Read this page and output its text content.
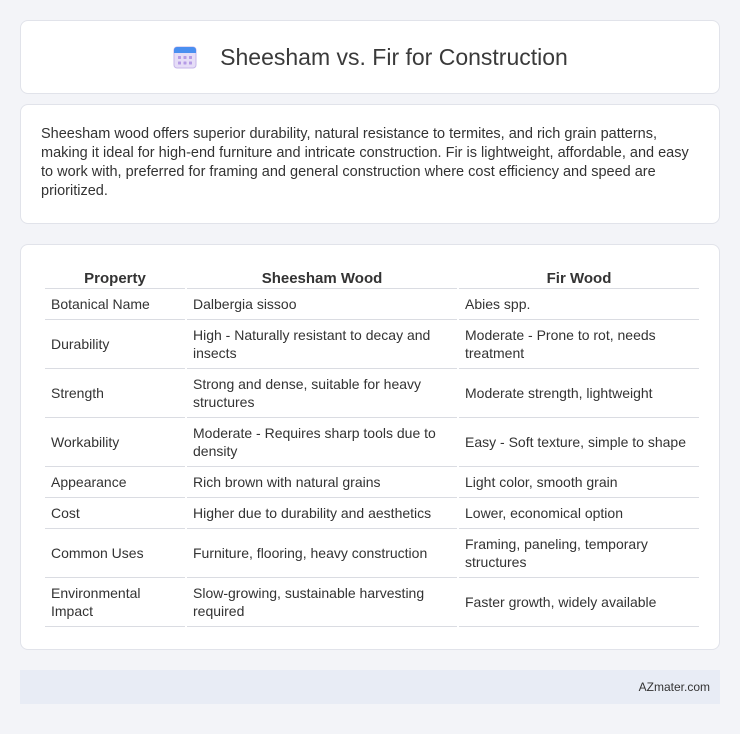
Sheesham vs. Fir for Construction

Sheesham wood offers superior durability, natural resistance to termites, and rich grain patterns, making it ideal for high-end furniture and intricate construction. Fir is lightweight, affordable, and easy to work with, preferred for framing and general construction where cost efficiency and speed are prioritized.

Property	Sheesham Wood	Fir Wood
Botanical Name	Dalbergia sissoo	Abies spp.
Durability	High - Naturally resistant to decay and insects	Moderate - Prone to rot, needs treatment
Strength	Strong and dense, suitable for heavy structures	Moderate strength, lightweight
Workability	Moderate - Requires sharp tools due to density	Easy - Soft texture, simple to shape
Appearance	Rich brown with natural grains	Light color, smooth grain
Cost	Higher due to durability and aesthetics	Lower, economical option
Common Uses	Furniture, flooring, heavy construction	Framing, paneling, temporary structures
Environmental Impact	Slow-growing, sustainable harvesting required	Faster growth, widely available
AZmater.com
